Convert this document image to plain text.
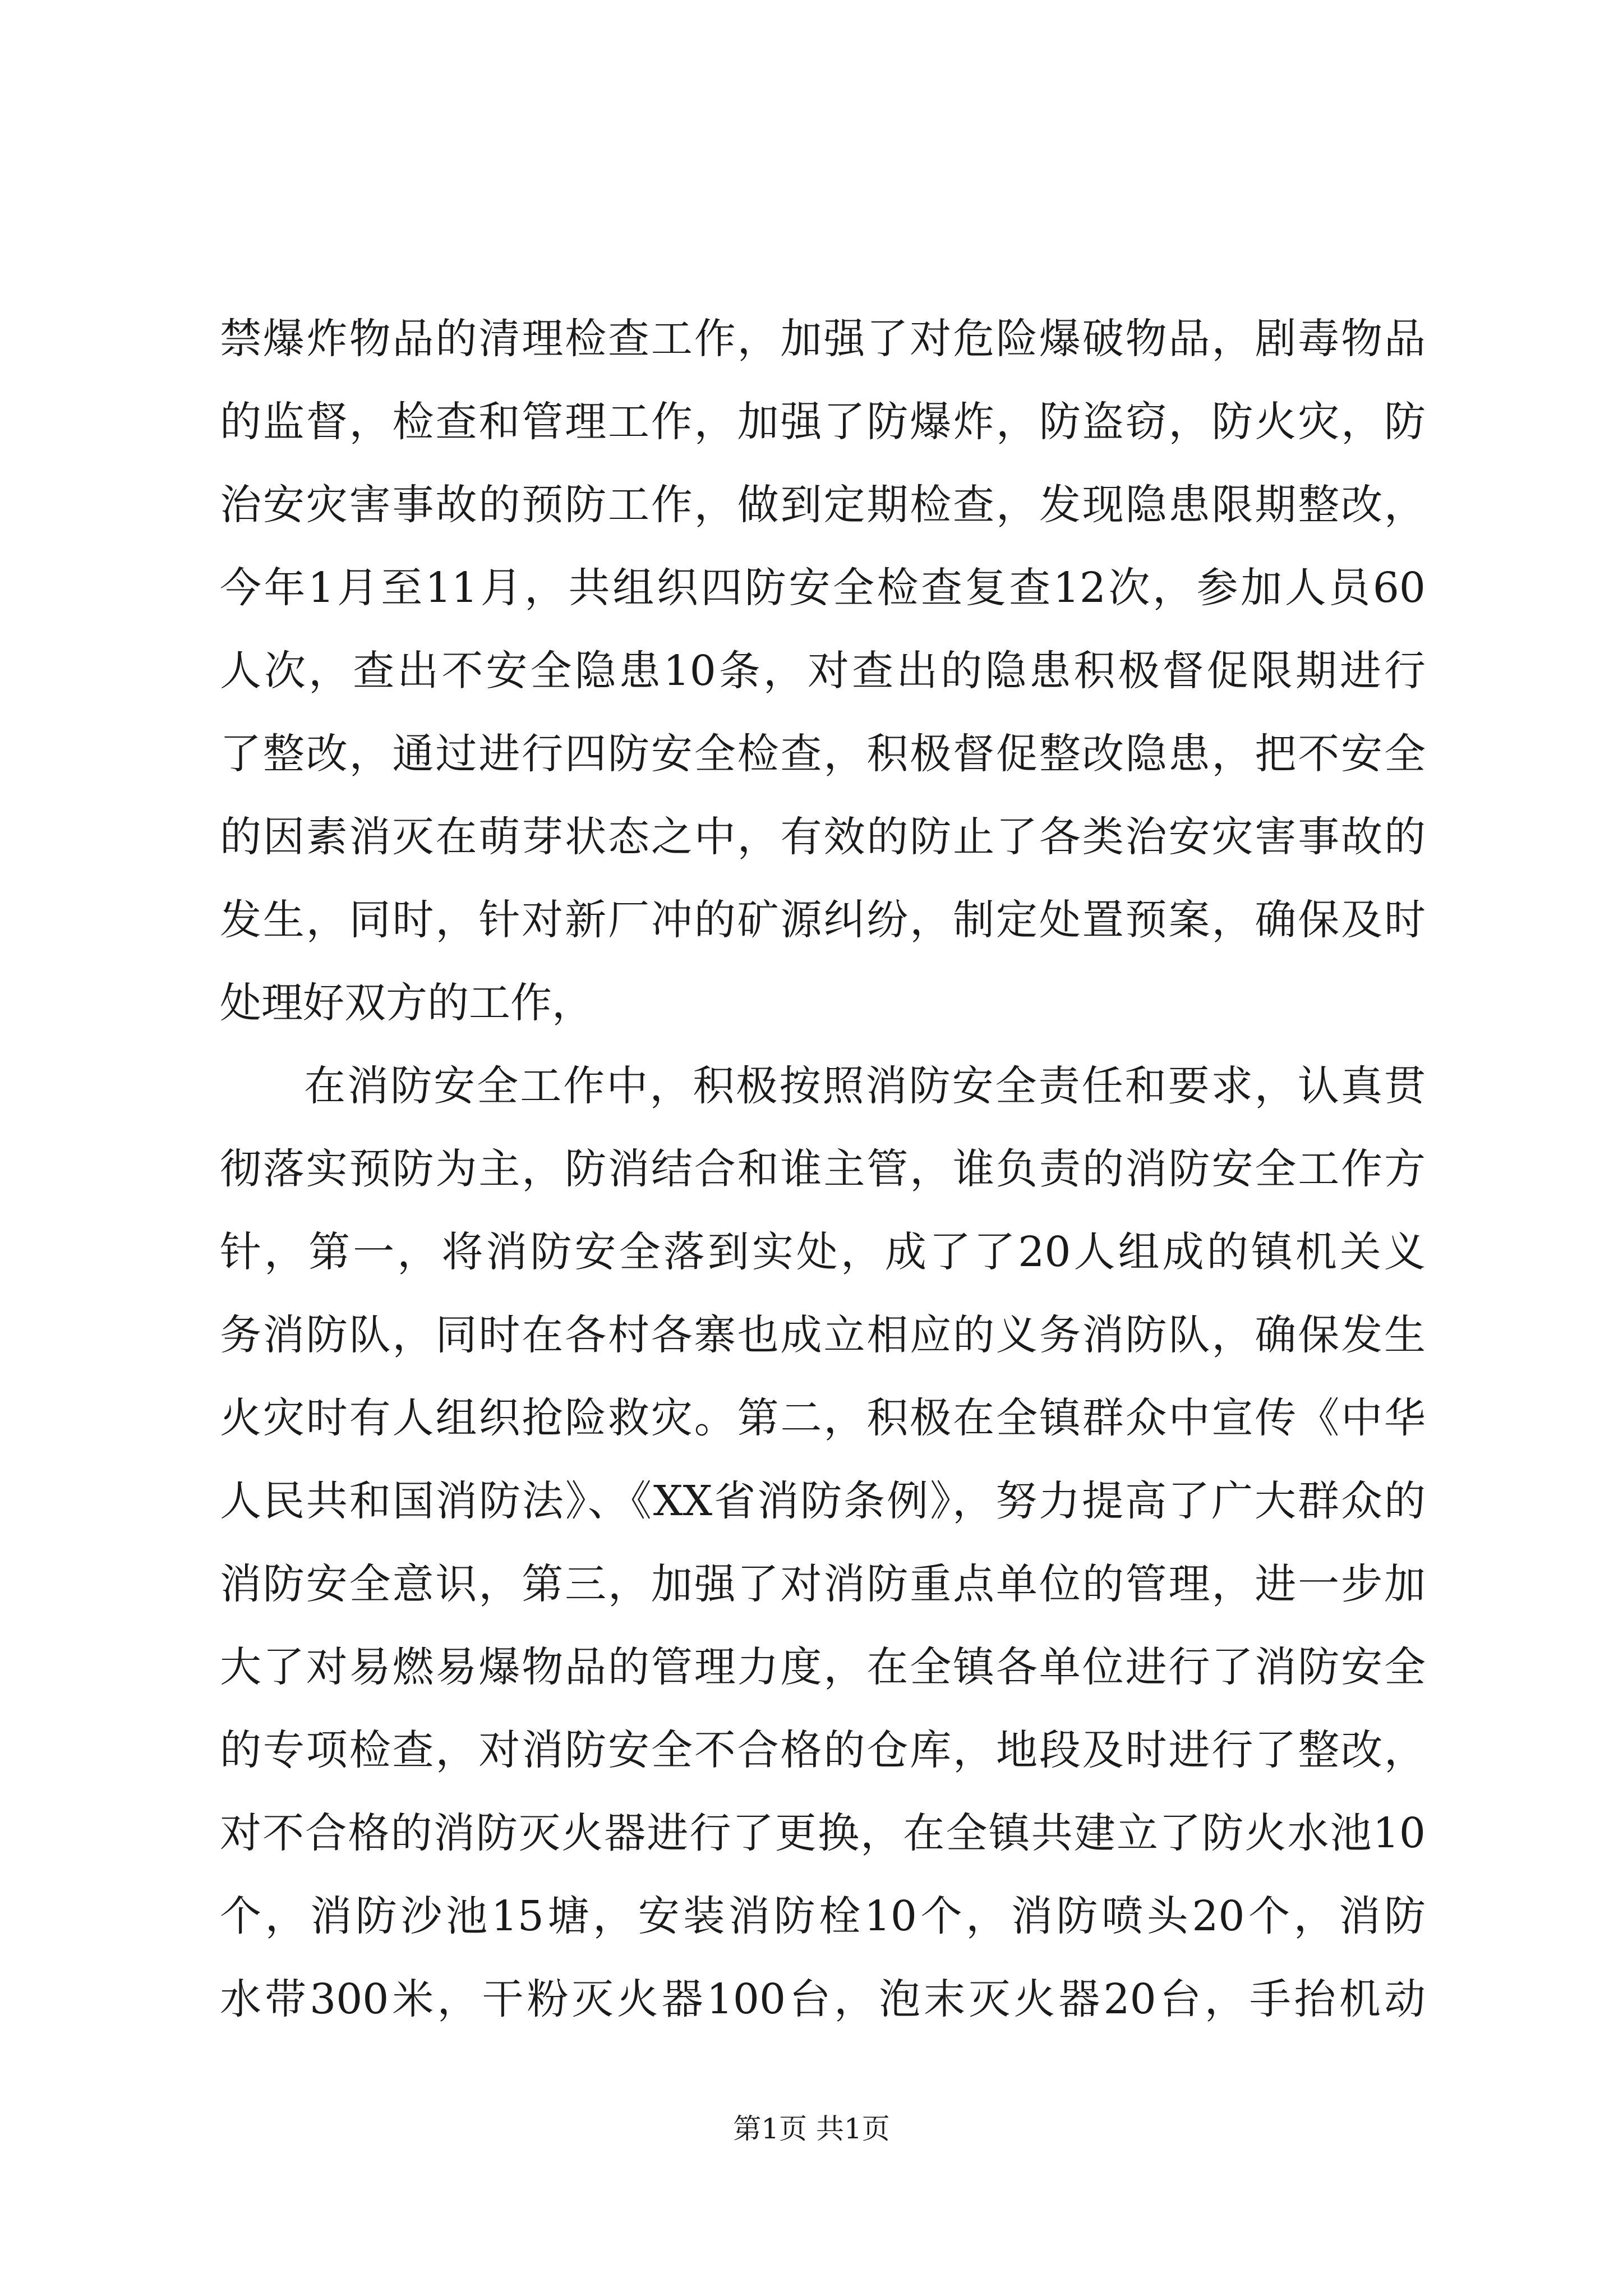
禁爆炸物品的清理检查工作，加强了对危险爆破物品，剧毒物品
的监督，检查和管理工作，加强了防爆炸，防盗窃，防火灾，防
治安灾害事故的预防工作，做到定期检查，发现隐患限期整改，
今年1月至11月，共组织四防安全检查复查12次，参加人员60
人次，查出不安全隐患10条，对查出的隐患积极督促限期进行
了整改，通过进行四防安全检查，积极督促整改隐患，把不安全
的因素消灭在萌芽状态之中，有效的防止了各类治安灾害事故的
发生，同时，针对新厂冲的矿源纠纷，制定处置预案，确保及时
处理好双方的工作，
在消防安全工作中，积极按照消防安全责任和要求，认真贯
彻落实预防为主，防消结合和谁主管，谁负责的消防安全工作方
针，第一，将消防安全落到实处，成了了20人组成的镇机关义
务消防队，同时在各村各寨也成立相应的义务消防队，确保发生
火灾时有人组织抢险救灾。第二，积极在全镇群众中宣传《中华
人民共和国消防法》、《XX省消防条例》，努力提高了广大群众的
消防安全意识，第三，加强了对消防重点单位的管理，进一步加
大了对易燃易爆物品的管理力度，在全镇各单位进行了消防安全
的专项检查，对消防安全不合格的仓库，地段及时进行了整改，
对不合格的消防灭火器进行了更换，在全镇共建立了防火水池10
个，消防沙池15塘，安装消防栓10个，消防喷头20个，消防
水带300米，干粉灭火器100台，泡末灭火器20台，手抬机动
第1页 共1页
